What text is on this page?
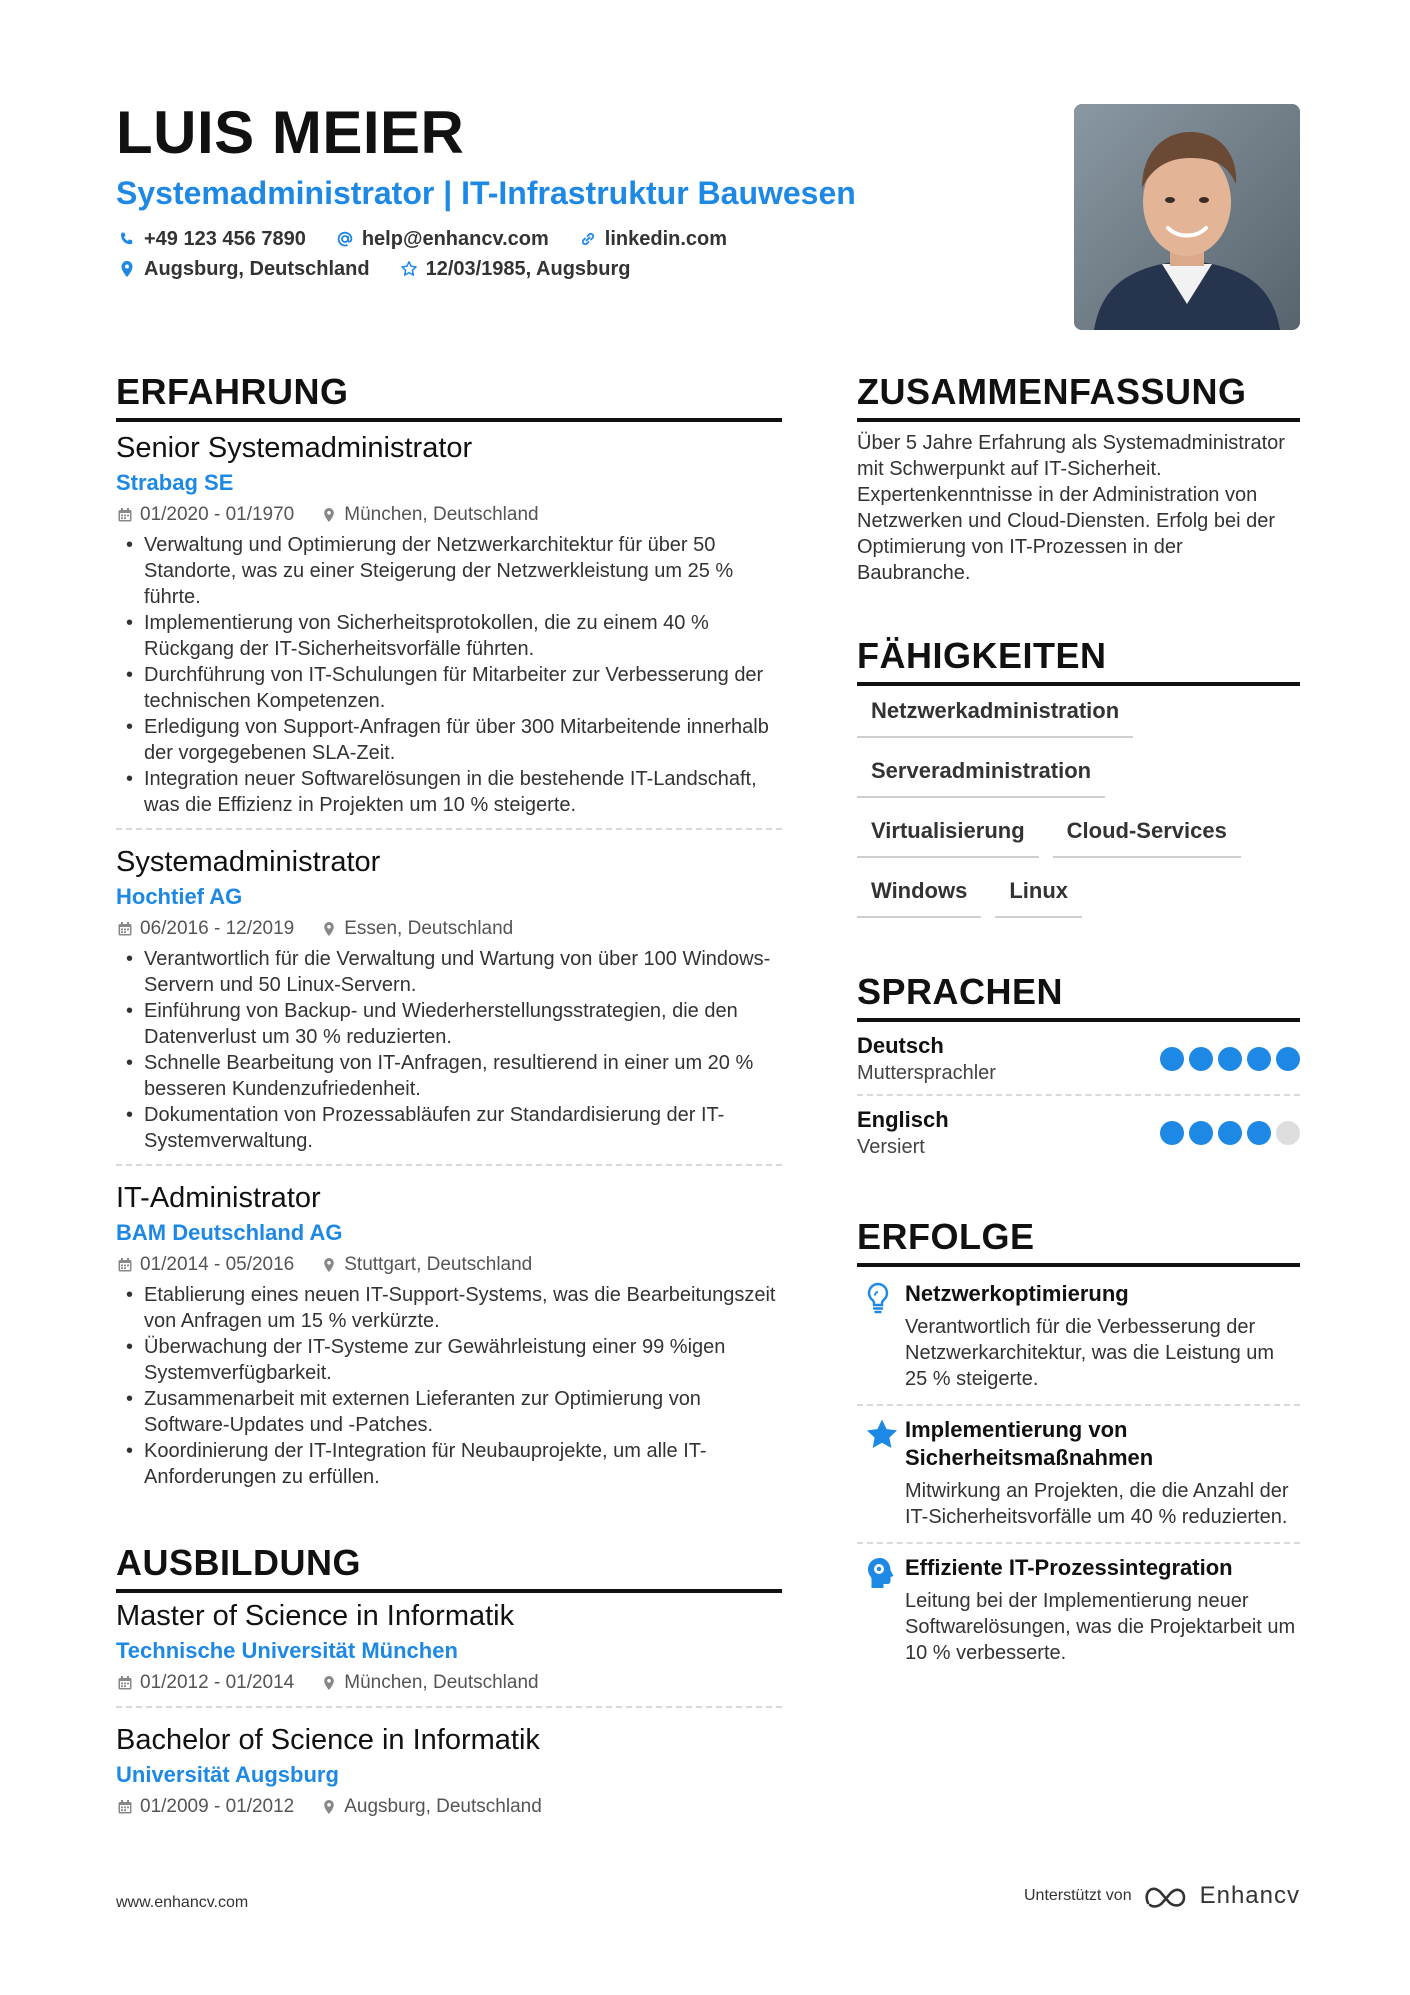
LUIS MEIER
Systemadministrator | IT-Infrastruktur Bauwesen
+49 123 456 7890	help@enhancv.com	linkedin.com
Augsburg, Deutschland	12/03/1985, Augsburg
ERFAHRUNG
AUSBILDUNG
ZUSAMMENFASSUNG
FÄHIGKEITEN
SPRACHEN
ERFOLGE
Senior Systemadministrator
Strabag SE
01/2020 - 01/1970	München, Deutschland
• Verwaltung und Optimierung der Netzwerkarchitektur für über 50 Standorte, was zu einer Steigerung der Netzwerkleistung um 25 % führte.
• Implementierung von Sicherheitsprotokollen, die zu einem 40 % Rückgang der IT-Sicherheitsvorfälle führten.
• Durchführung von IT-Schulungen für Mitarbeiter zur Verbesserung der technischen Kompetenzen.
• Erledigung von Support-Anfragen für über 300 Mitarbeitende innerhalb der vorgegebenen SLA-Zeit.
• Integration neuer Softwarelösungen in die bestehende IT-Landschaft, was die Effizienz in Projekten um 10 % steigerte.
Systemadministrator
Hochtief AG
06/2016 - 12/2019	Essen, Deutschland
• Verantwortlich für die Verwaltung und Wartung von über 100 Windows-Servern und 50 Linux-Servern.
• Einführung von Backup- und Wiederherstellungsstrategien, die den Datenverlust um 30 % reduzierten.
• Schnelle Bearbeitung von IT-Anfragen, resultierend in einer um 20 % besseren Kundenzufriedenheit.
• Dokumentation von Prozessabläufen zur Standardisierung der IT-Systemverwaltung.
IT-Administrator
BAM Deutschland AG
01/2014 - 05/2016	Stuttgart, Deutschland
• Etablierung eines neuen IT-Support-Systems, was die Bearbeitungszeit von Anfragen um 15 % verkürzte.
• Überwachung der IT-Systeme zur Gewährleistung einer 99 %igen Systemverfügbarkeit.
• Zusammenarbeit mit externen Lieferanten zur Optimierung von Software-Updates und -Patches.
• Koordinierung der IT-Integration für Neubauprojekte, um alle IT-Anforderungen zu erfüllen.
Master of Science in Informatik
Technische Universität München
01/2012 - 01/2014	München, Deutschland
Bachelor of Science in Informatik
Universität Augsburg
01/2009 - 01/2012	Augsburg, Deutschland
Über 5 Jahre Erfahrung als Systemadministrator mit Schwerpunkt auf IT-Sicherheit. Expertenkenntnisse in der Administration von Netzwerken und Cloud-Diensten. Erfolg bei der Optimierung von IT-Prozessen in der Baubranche.
Netzwerkadministration
Serveradministration
Virtualisierung	Cloud-Services
Windows	Linux
Deutsch
Muttersprachler
Englisch
Versiert
Netzwerkoptimierung
Verantwortlich für die Verbesserung der Netzwerkarchitektur, was die Leistung um 25 % steigerte.
Implementierung von Sicherheitsmaßnahmen
Mitwirkung an Projekten, die die Anzahl der IT-Sicherheitsvorfälle um 40 % reduzierten.
Effiziente IT-Prozessintegration
Leitung bei der Implementierung neuer Softwarelösungen, was die Projektarbeit um 10 % verbesserte.
www.enhancv.com	Unterstützt von	Enhancv
